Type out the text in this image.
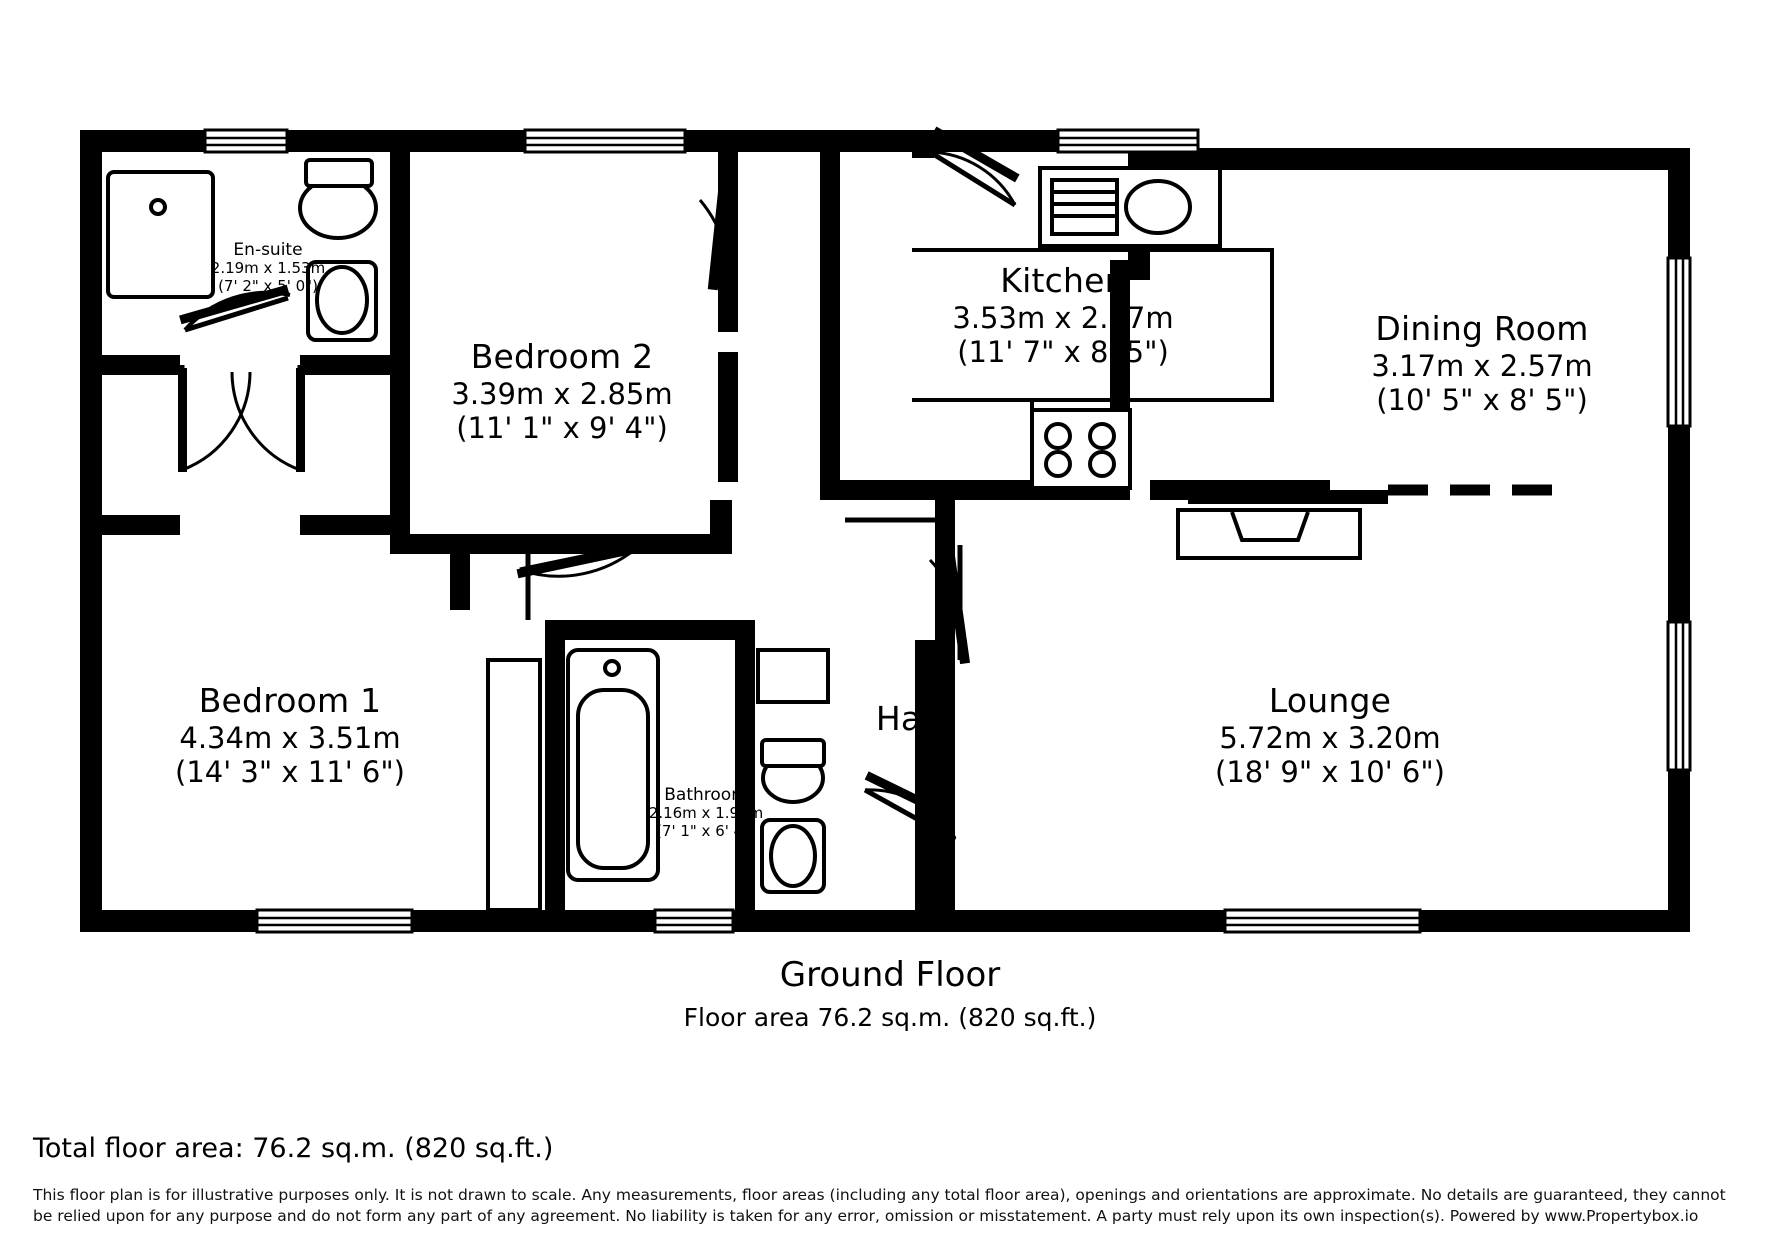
En-suite
2.19m x 1.53m
(7' 2" x 5' 0")
Bedroom 2
3.39m x 2.85m
(11' 1" x 9' 4")
Kitchen
3.53m x 2.57m
(11' 7" x 8' 5")
Dining Room
3.17m x 2.57m
(10' 5" x 8' 5")
Bedroom 1
4.34m x 3.51m
(14' 3" x 11' 6")
Bathroom
2.16m x 1.93m
(7' 1" x 6' 4")
Hall	Lounge
5.72m x 3.20m
(18' 9" x 10' 6")
Ground Floor
Floor area 76.2 sq.m. (820 sq.ft.)
Total floor area: 76.2 sq.m. (820 sq.ft.)
This floor plan is for illustrative purposes only. It is not drawn to scale. Any measurements, floor areas (including any total floor area), openings and orientations are approximate. No details are guaranteed, they cannot be relied upon for any purpose and do not form any part of any agreement. No liability is taken for any error, omission or misstatement. A party must rely upon its own inspection(s). Powered by www.Propertybox.io
